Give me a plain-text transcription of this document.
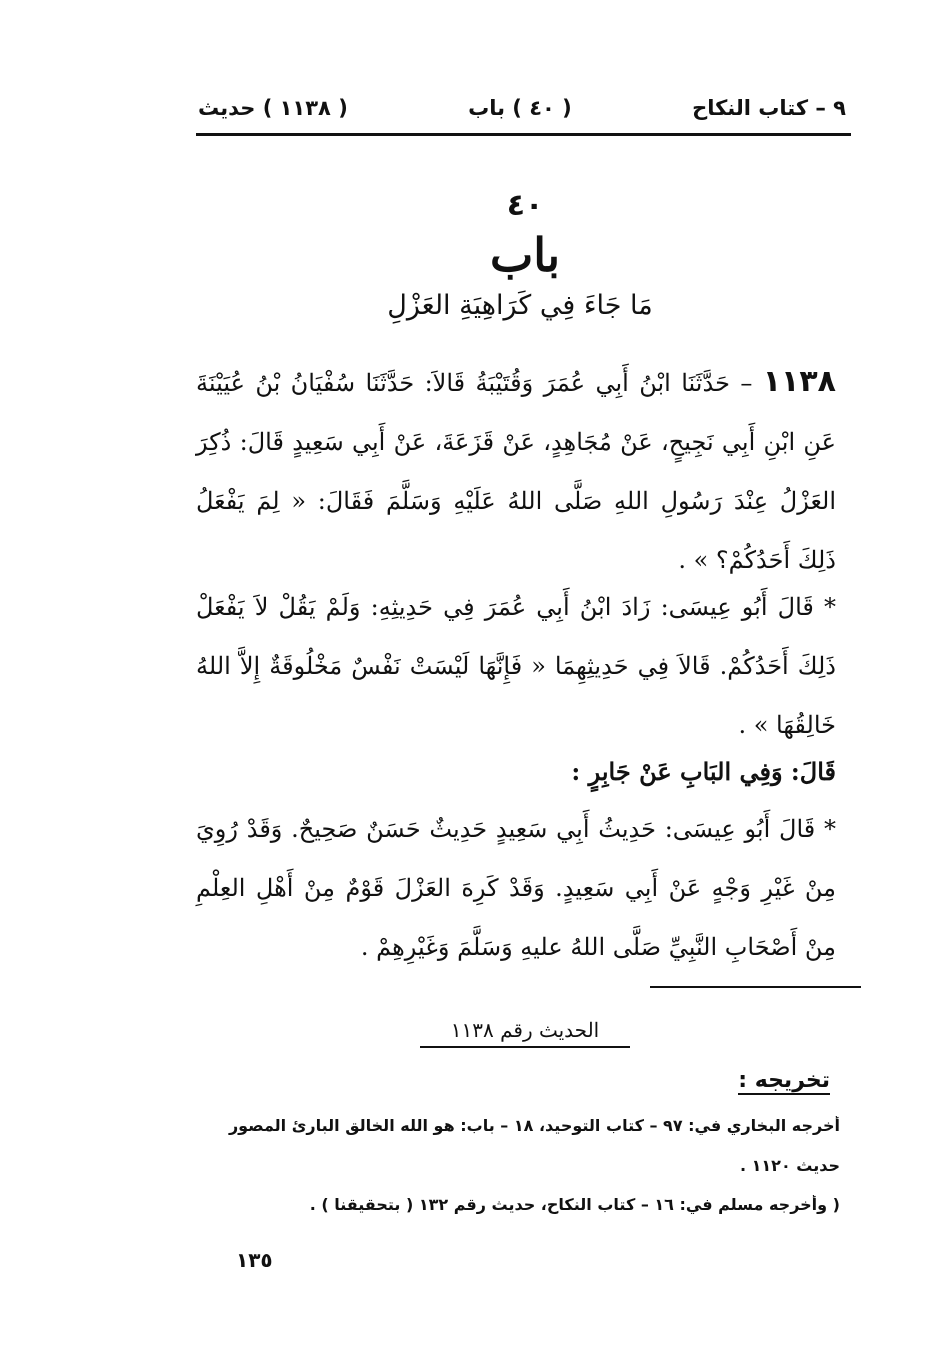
( ١١٣٨ ) حديث	( ٤٠ ) باب	٩ – كتاب النكاح
٤٠
باب
مَا جَاءَ فِي كَرَاهِيَةِ العَزْلِ
١١٣٨ – حَدَّثَنَا ابْنُ أَبِي عُمَرَ وَقُتَيْبَةُ قَالاَ: حَدَّثَنَا سُفْيَانُ بْنُ عُيَيْنَةَ عَنِ ابْنِ أَبِي نَجِيحٍ، عَنْ مُجَاهِدٍ، عَنْ قَزَعَةَ، عَنْ أَبِي سَعِيدٍ قَالَ: ذُكِرَ العَزْلُ عِنْدَ رَسُولِ اللهِ صَلَّى اللهُ عَلَيْهِ وَسَلَّمَ فَقَالَ: « لِمَ يَفْعَلُ ذَلِكَ أَحَدُكُمْ؟ » .
* قَالَ أَبُو عِيسَى: زَادَ ابْنُ أَبِي عُمَرَ فِي حَدِيثِهِ: وَلَمْ يَقُلْ لاَ يَفْعَلْ ذَلِكَ أَحَدُكُمْ. قَالاَ فِي حَدِيثِهِمَا « فَإِنَّهَا لَيْسَتْ نَفْسٌ مَخْلُوقَةٌ إِلاَّ اللهُ خَالِقُهَا » .
قَالَ: وَفِي البَابِ عَنْ جَابِرٍ :
* قَالَ أَبُو عِيسَى: حَدِيثُ أَبِي سَعِيدٍ حَدِيثٌ حَسَنٌ صَحِيحٌ. وَقَدْ رُوِيَ مِنْ غَيْرِ وَجْهٍ عَنْ أَبِي سَعِيدٍ. وَقَدْ كَرِهَ العَزْلَ قَوْمٌ مِنْ أَهْلِ العِلْمِ مِنْ أَصْحَابِ النَّبِيِّ صَلَّى اللهُ عليهِ وَسَلَّمَ وَغَيْرِهِمْ .
الحديث رقم ١١٣٨
تخريجه :
أخرجه البخاري في: ٩٧ – كتاب التوحيد، ١٨ – باب: هو الله الخالق البارئ المصور
حديث ١١٢٠ .
( وأخرجه مسلم في: ١٦ – كتاب النكاح، حديث رقم ١٣٢ ( بتحقيقنا ) .
١٣٥
